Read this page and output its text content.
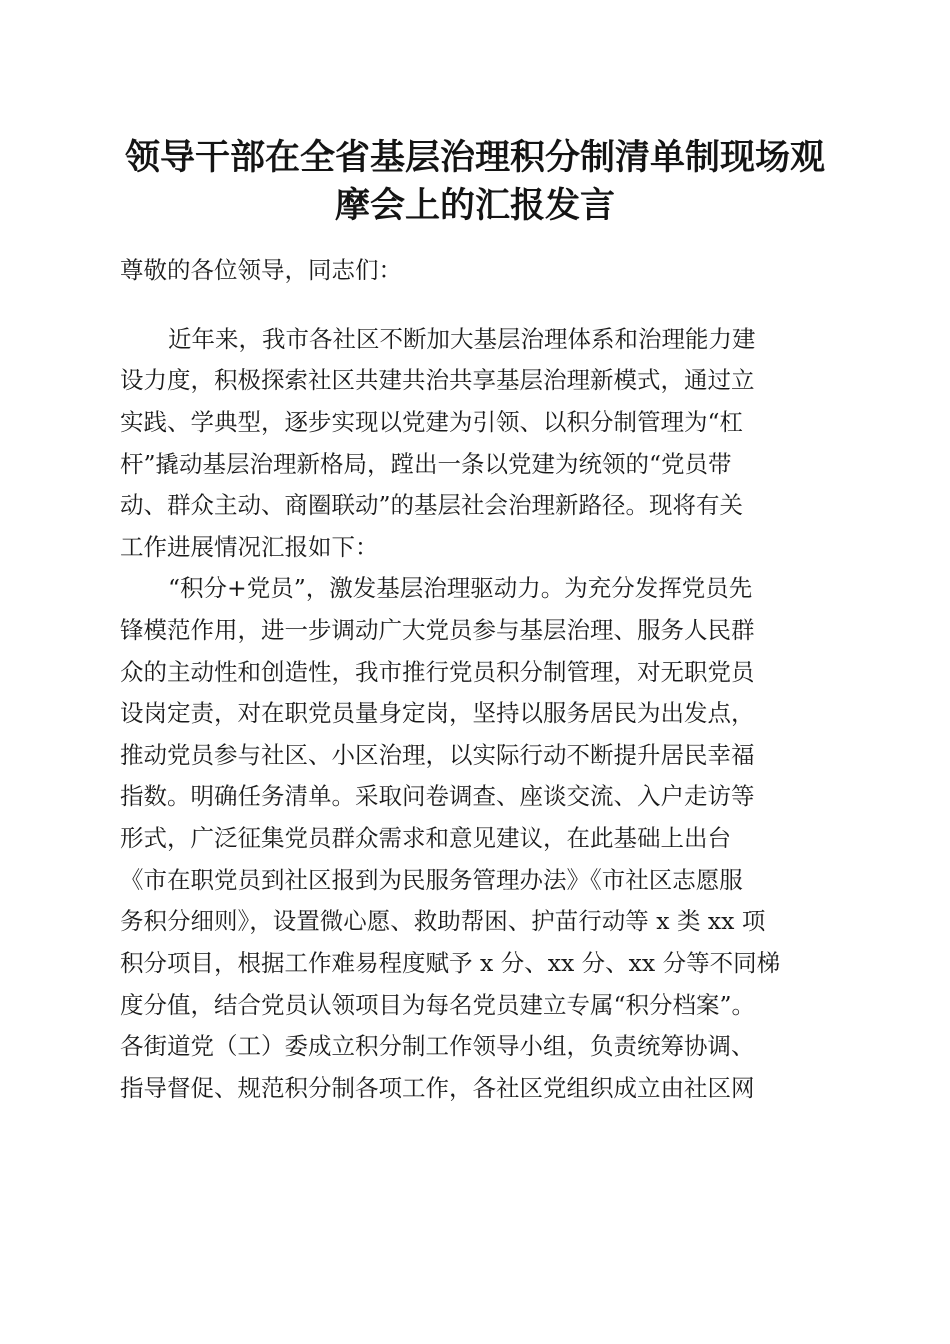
领导干部在全省基层治理积分制清单制现场观
摩会上的汇报发言
尊敬的各位领导，同志们：
近年来，我市各社区不断加大基层治理体系和治理能力建
设力度，积极探索社区共建共治共享基层治理新模式，通过立
实践、学典型，逐步实现以党建为引领、以积分制管理为“杠
杆”撬动基层治理新格局，蹚出一条以党建为统领的“党员带
动、群众主动、商圈联动”的基层社会治理新路径。现将有关
工作进展情况汇报如下：
“积分+党员”，激发基层治理驱动力。为充分发挥党员先
锋模范作用，进一步调动广大党员参与基层治理、服务人民群
众的主动性和创造性，我市推行党员积分制管理，对无职党员
设岗定责，对在职党员量身定岗，坚持以服务居民为出发点，
推动党员参与社区、小区治理，以实际行动不断提升居民幸福
指数。明确任务清单。采取问卷调查、座谈交流、入户走访等
形式，广泛征集党员群众需求和意见建议，在此基础上出台
《市在职党员到社区报到为民服务管理办法》《市社区志愿服
务积分细则》，设置微心愿、救助帮困、护苗行动等 x 类 xx 项
积分项目，根据工作难易程度赋予 x 分、xx 分、xx 分等不同梯
度分值，结合党员认领项目为每名党员建立专属“积分档案”。
各街道党（工）委成立积分制工作领导小组，负责统筹协调、
指导督促、规范积分制各项工作，各社区党组织成立由社区网
